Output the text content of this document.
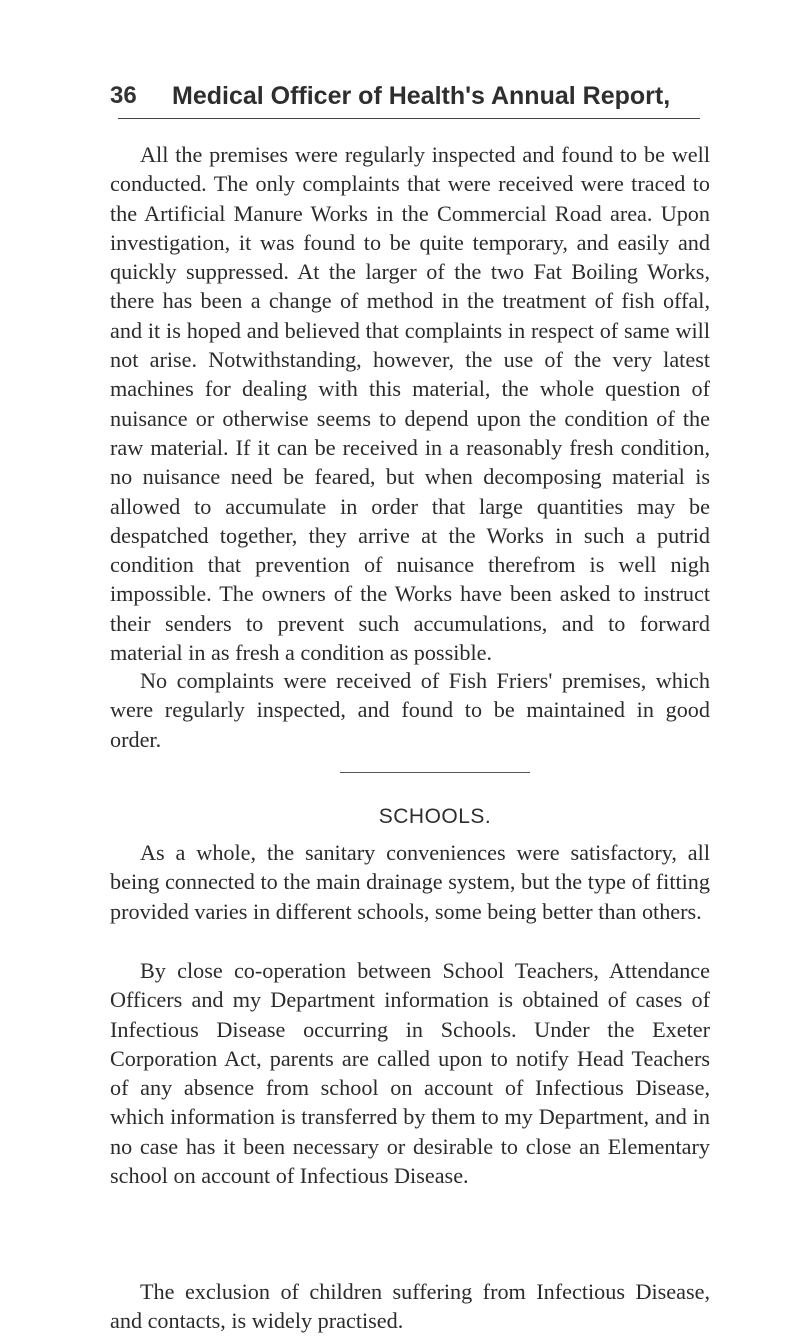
36 Medical Officer of Health's Annual Report,

All the premises were regularly inspected and found to be well conducted. The only complaints that were received were traced to the Artificial Manure Works in the Commercial Road area. Upon investigation, it was found to be quite temporary, and easily and quickly suppressed. At the larger of the two Fat Boiling Works, there has been a change of method in the treatment of fish offal, and it is hoped and believed that complaints in respect of same will not arise. Notwithstanding, however, the use of the very latest machines for dealing with this material, the whole question of nuisance or otherwise seems to depend upon the condition of the raw material. If it can be received in a reasonably fresh condition, no nuisance need be feared, but when decomposing material is allowed to accumulate in order that large quantities may be despatched together, they arrive at the Works in such a putrid condition that prevention of nuisance therefrom is well nigh impossible. The owners of the Works have been asked to instruct their senders to prevent such accumulations, and to forward material in as fresh a condition as possible.

No complaints were received of Fish Friers' premises, which were regularly inspected, and found to be maintained in good order.

SCHOOLS.

As a whole, the sanitary conveniences were satisfactory, all being connected to the main drainage system, but the type of fitting provided varies in different schools, some being better than others.

By close co-operation between School Teachers, Attendance Officers and my Department information is obtained of cases of Infectious Disease occurring in Schools. Under the Exeter Corporation Act, parents are called upon to notify Head Teachers of any absence from school on account of Infectious Disease, which information is transferred by them to my Department, and in no case has it been necessary or desirable to close an Elementary school on account of Infectious Disease.

The exclusion of children suffering from Infectious Disease, and contacts, is widely practised.
